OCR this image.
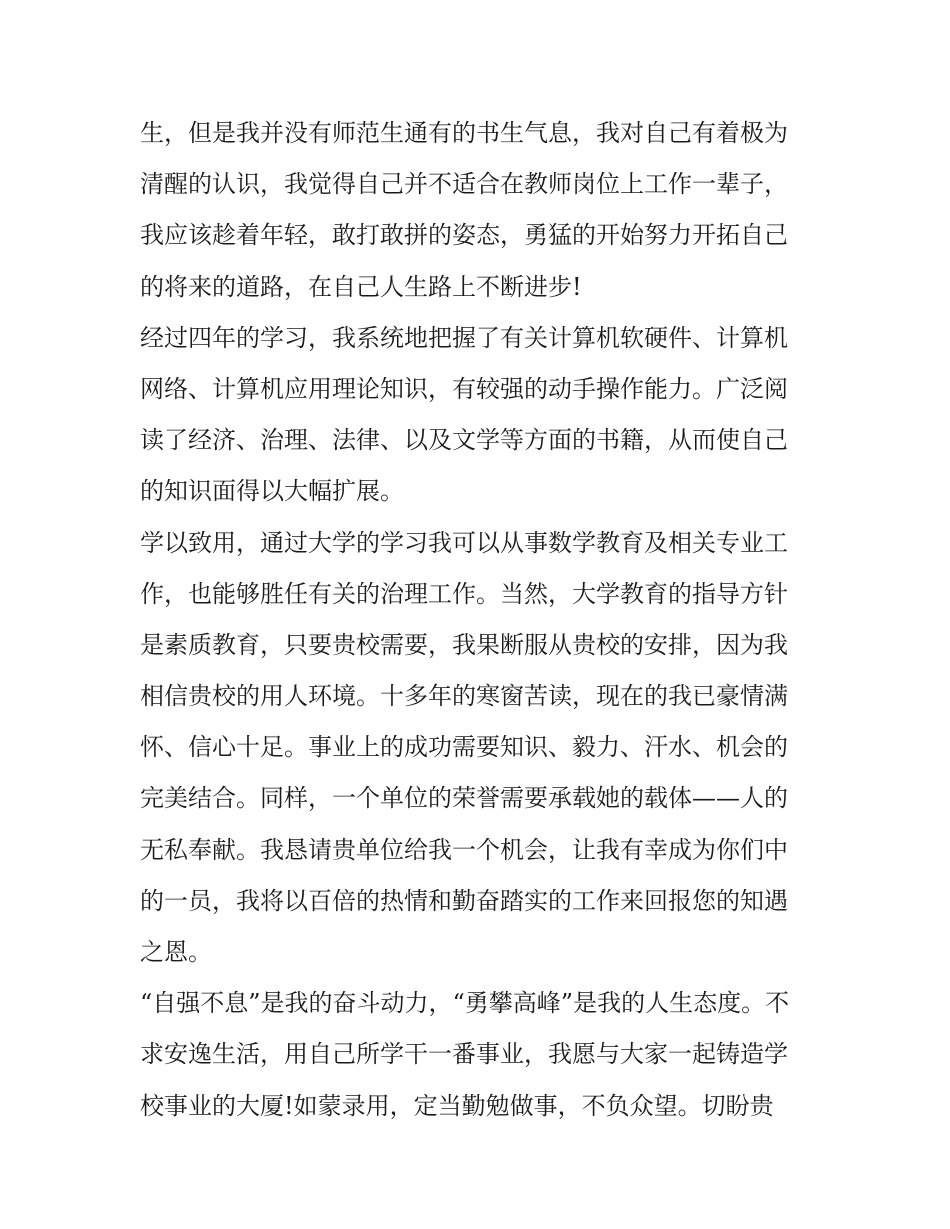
生，但是我并没有师范生通有的书生气息，我对自己有着极为
清醒的认识，我觉得自己并不适合在教师岗位上工作一辈子，
我应该趁着年轻，敢打敢拼的姿态，勇猛的开始努力开拓自己
的将来的道路，在自己人生路上不断进步!
经过四年的学习，我系统地把握了有关计算机软硬件、计算机
网络、计算机应用理论知识，有较强的动手操作能力。广泛阅
读了经济、治理、法律、以及文学等方面的书籍，从而使自己
的知识面得以大幅扩展。
学以致用，通过大学的学习我可以从事数学教育及相关专业工
作，也能够胜任有关的治理工作。当然，大学教育的指导方针
是素质教育，只要贵校需要，我果断服从贵校的安排，因为我
相信贵校的用人环境。十多年的寒窗苦读，现在的我已豪情满
怀、信心十足。事业上的成功需要知识、毅力、汗水、机会的
完美结合。同样，一个单位的荣誉需要承载她的载体——人的
无私奉献。我恳请贵单位给我一个机会，让我有幸成为你们中
的一员，我将以百倍的热情和勤奋踏实的工作来回报您的知遇
之恩。
“自强不息”是我的奋斗动力，“勇攀高峰”是我的人生态度。不
求安逸生活，用自己所学干一番事业，我愿与大家一起铸造学
校事业的大厦!如蒙录用，定当勤勉做事，不负众望。切盼贵
